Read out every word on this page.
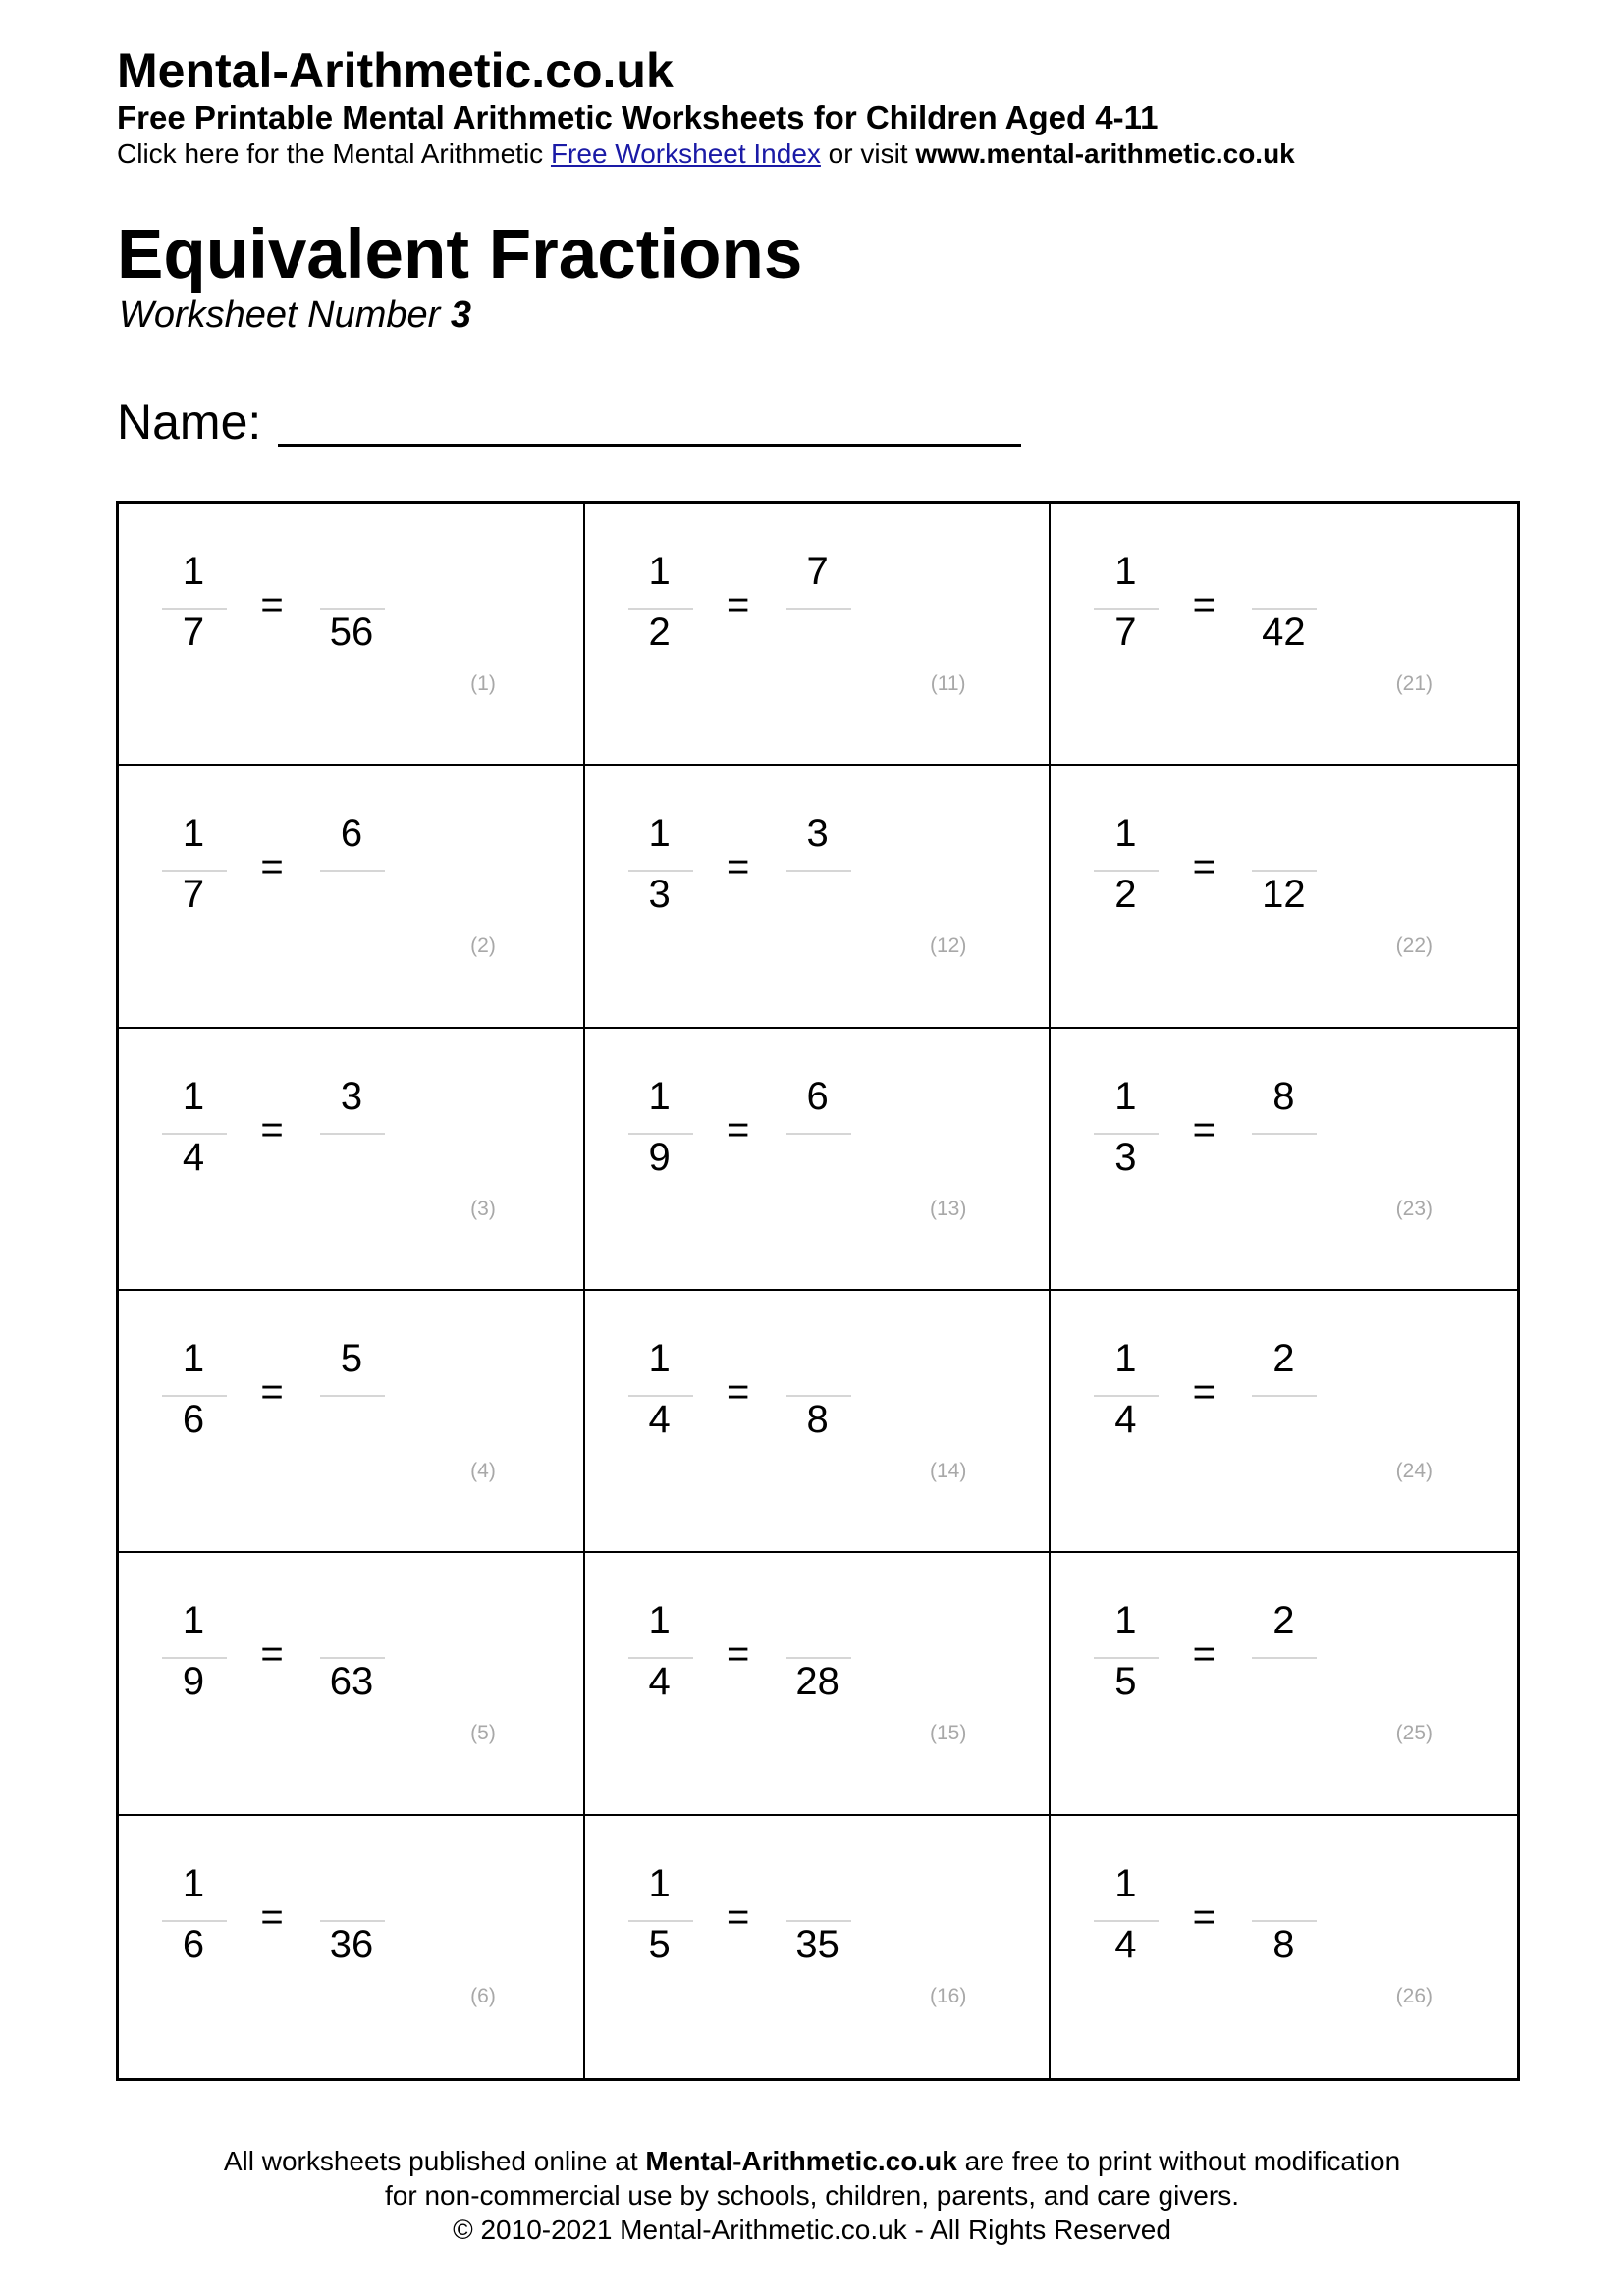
Mental-Arithmetic.co.uk

Free Printable Mental Arithmetic Worksheets for Children Aged 4-11

Click here for the Mental Arithmetic Free Worksheet Index or visit www.mental-arithmetic.co.uk

Equivalent Fractions

Worksheet Number 3

Name:
1
7
=
56
(1)
1
2
=
7
(11)
1
7
=
42
(21)
1
7
=
6
(2)
1
3
=
3
(12)
1
2
=
12
(22)
1
4
=
3
(3)
1
9
=
6
(13)
1
3
=
8
(23)
1
6
=
5
(4)
1
4
=
8
(14)
1
4
=
2
(24)
1
9
=
63
(5)
1
4
=
28
(15)
1
5
=
2
(25)
1
6
=
36
(6)
1
5
=
35
(16)
1
4
=
8
(26)
All worksheets published online at Mental-Arithmetic.co.uk are free to print without modification
for non-commercial use by schools, children, parents, and care givers.
© 2010-2021 Mental-Arithmetic.co.uk - All Rights Reserved
